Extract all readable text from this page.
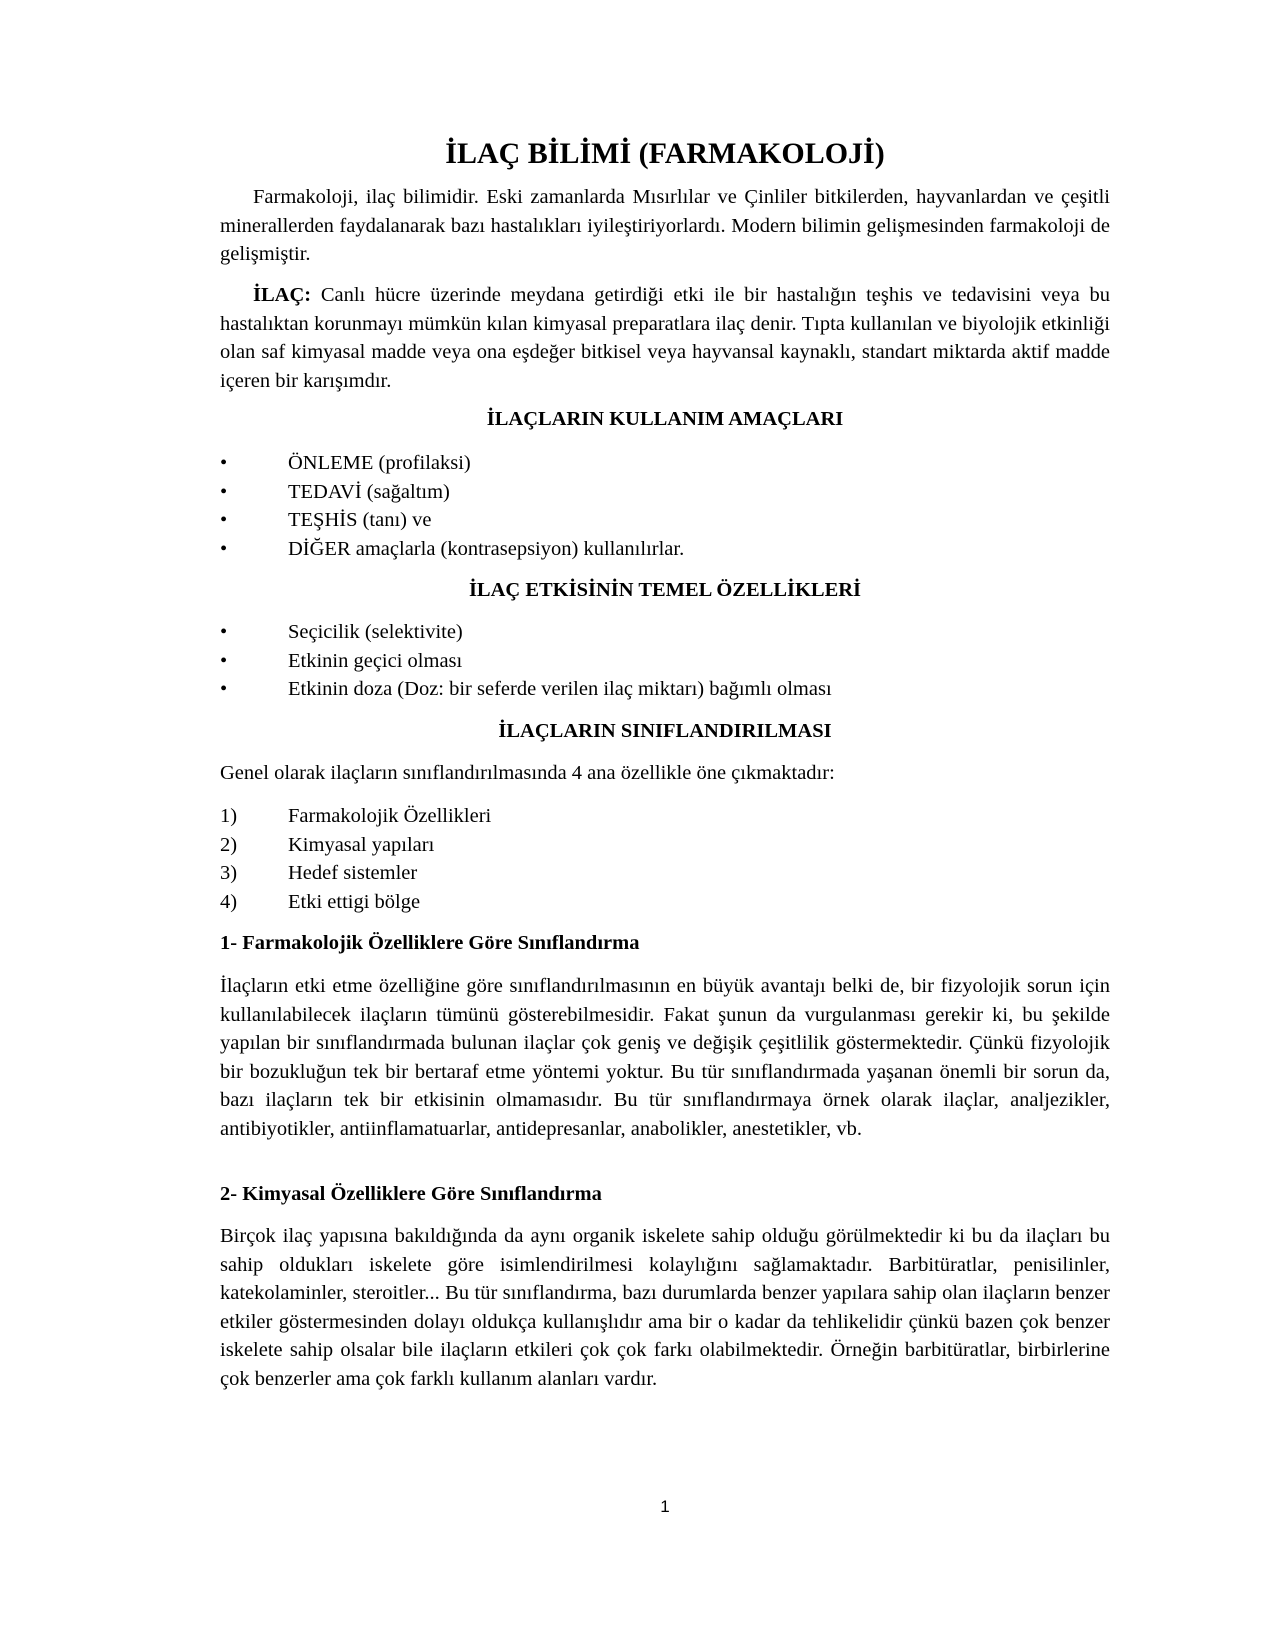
İLAÇ BİLİMİ (FARMAKOLOJİ)

Farmakoloji, ilaç bilimidir. Eski zamanlarda Mısırlılar ve Çinliler bitkilerden, hayvanlardan ve çeşitli minerallerden faydalanarak bazı hastalıkları iyileştiriyorlardı. Modern bilimin gelişmesinden farmakoloji de gelişmiştir.

İLAÇ: Canlı hücre üzerinde meydana getirdiği etki ile bir hastalığın teşhis ve tedavisini veya bu hastalıktan korunmayı mümkün kılan kimyasal preparatlara ilaç denir. Tıpta kullanılan ve biyolojik etkinliği olan saf kimyasal madde veya ona eşdeğer bitkisel veya hayvansal kaynaklı, standart miktarda aktif madde içeren bir karışımdır.

İLAÇLARIN KULLANIM AMAÇLARI
•	ÖNLEME (profilaksi)
•	TEDAVİ (sağaltım)
•	TEŞHİS (tanı) ve
•	DİĞER amaçlarla (kontrasepsiyon) kullanılırlar.
İLAÇ ETKİSİNİN TEMEL ÖZELLİKLERİ
•	Seçicilik (selektivite)
•	Etkinin geçici olması
•	Etkinin doza (Doz: bir seferde verilen ilaç miktarı) bağımlı olması
İLAÇLARIN SINIFLANDIRILMASI

Genel olarak ilaçların sınıflandırılmasında 4 ana özellikle öne çıkmaktadır:

1) Farmakolojik Özellikleri
2) Kimyasal yapıları
3) Hedef sistemler
4) Etki ettigi bölge
1- Farmakolojik Özelliklere Göre Sınıflandırma

İlaçların etki etme özelliğine göre sınıflandırılmasının en büyük avantajı belki de, bir fizyolojik sorun için kullanılabilecek ilaçların tümünü gösterebilmesidir. Fakat şunun da vurgulanması gerekir ki, bu şekilde yapılan bir sınıflandırmada bulunan ilaçlar çok geniş ve değişik çeşitlilik göstermektedir. Çünkü fizyolojik bir bozukluğun tek bir bertaraf etme yöntemi yoktur. Bu tür sınıflandırmada yaşanan önemli bir sorun da, bazı ilaçların tek bir etkisinin olmamasıdır. Bu tür sınıflandırmaya örnek olarak ilaçlar, analjezikler, antibiyotikler, antiinflamatuarlar, antidepresanlar, anabolikler, anestetikler, vb.

2- Kimyasal Özelliklere Göre Sınıflandırma

Birçok ilaç yapısına bakıldığında da aynı organik iskelete sahip olduğu görülmektedir ki bu da ilaçları bu sahip oldukları iskelete göre isimlendirilmesi kolaylığını sağlamaktadır. Barbitüratlar, penisilinler, katekolaminler, steroitler... Bu tür sınıflandırma, bazı durumlarda benzer yapılara sahip olan ilaçların benzer etkiler göstermesinden dolayı oldukça kullanışlıdır ama bir o kadar da tehlikelidir çünkü bazen çok benzer iskelete sahip olsalar bile ilaçların etkileri çok çok farkı olabilmektedir. Örneğin barbitüratlar, birbirlerine çok benzerler ama çok farklı kullanım alanları vardır.

1
